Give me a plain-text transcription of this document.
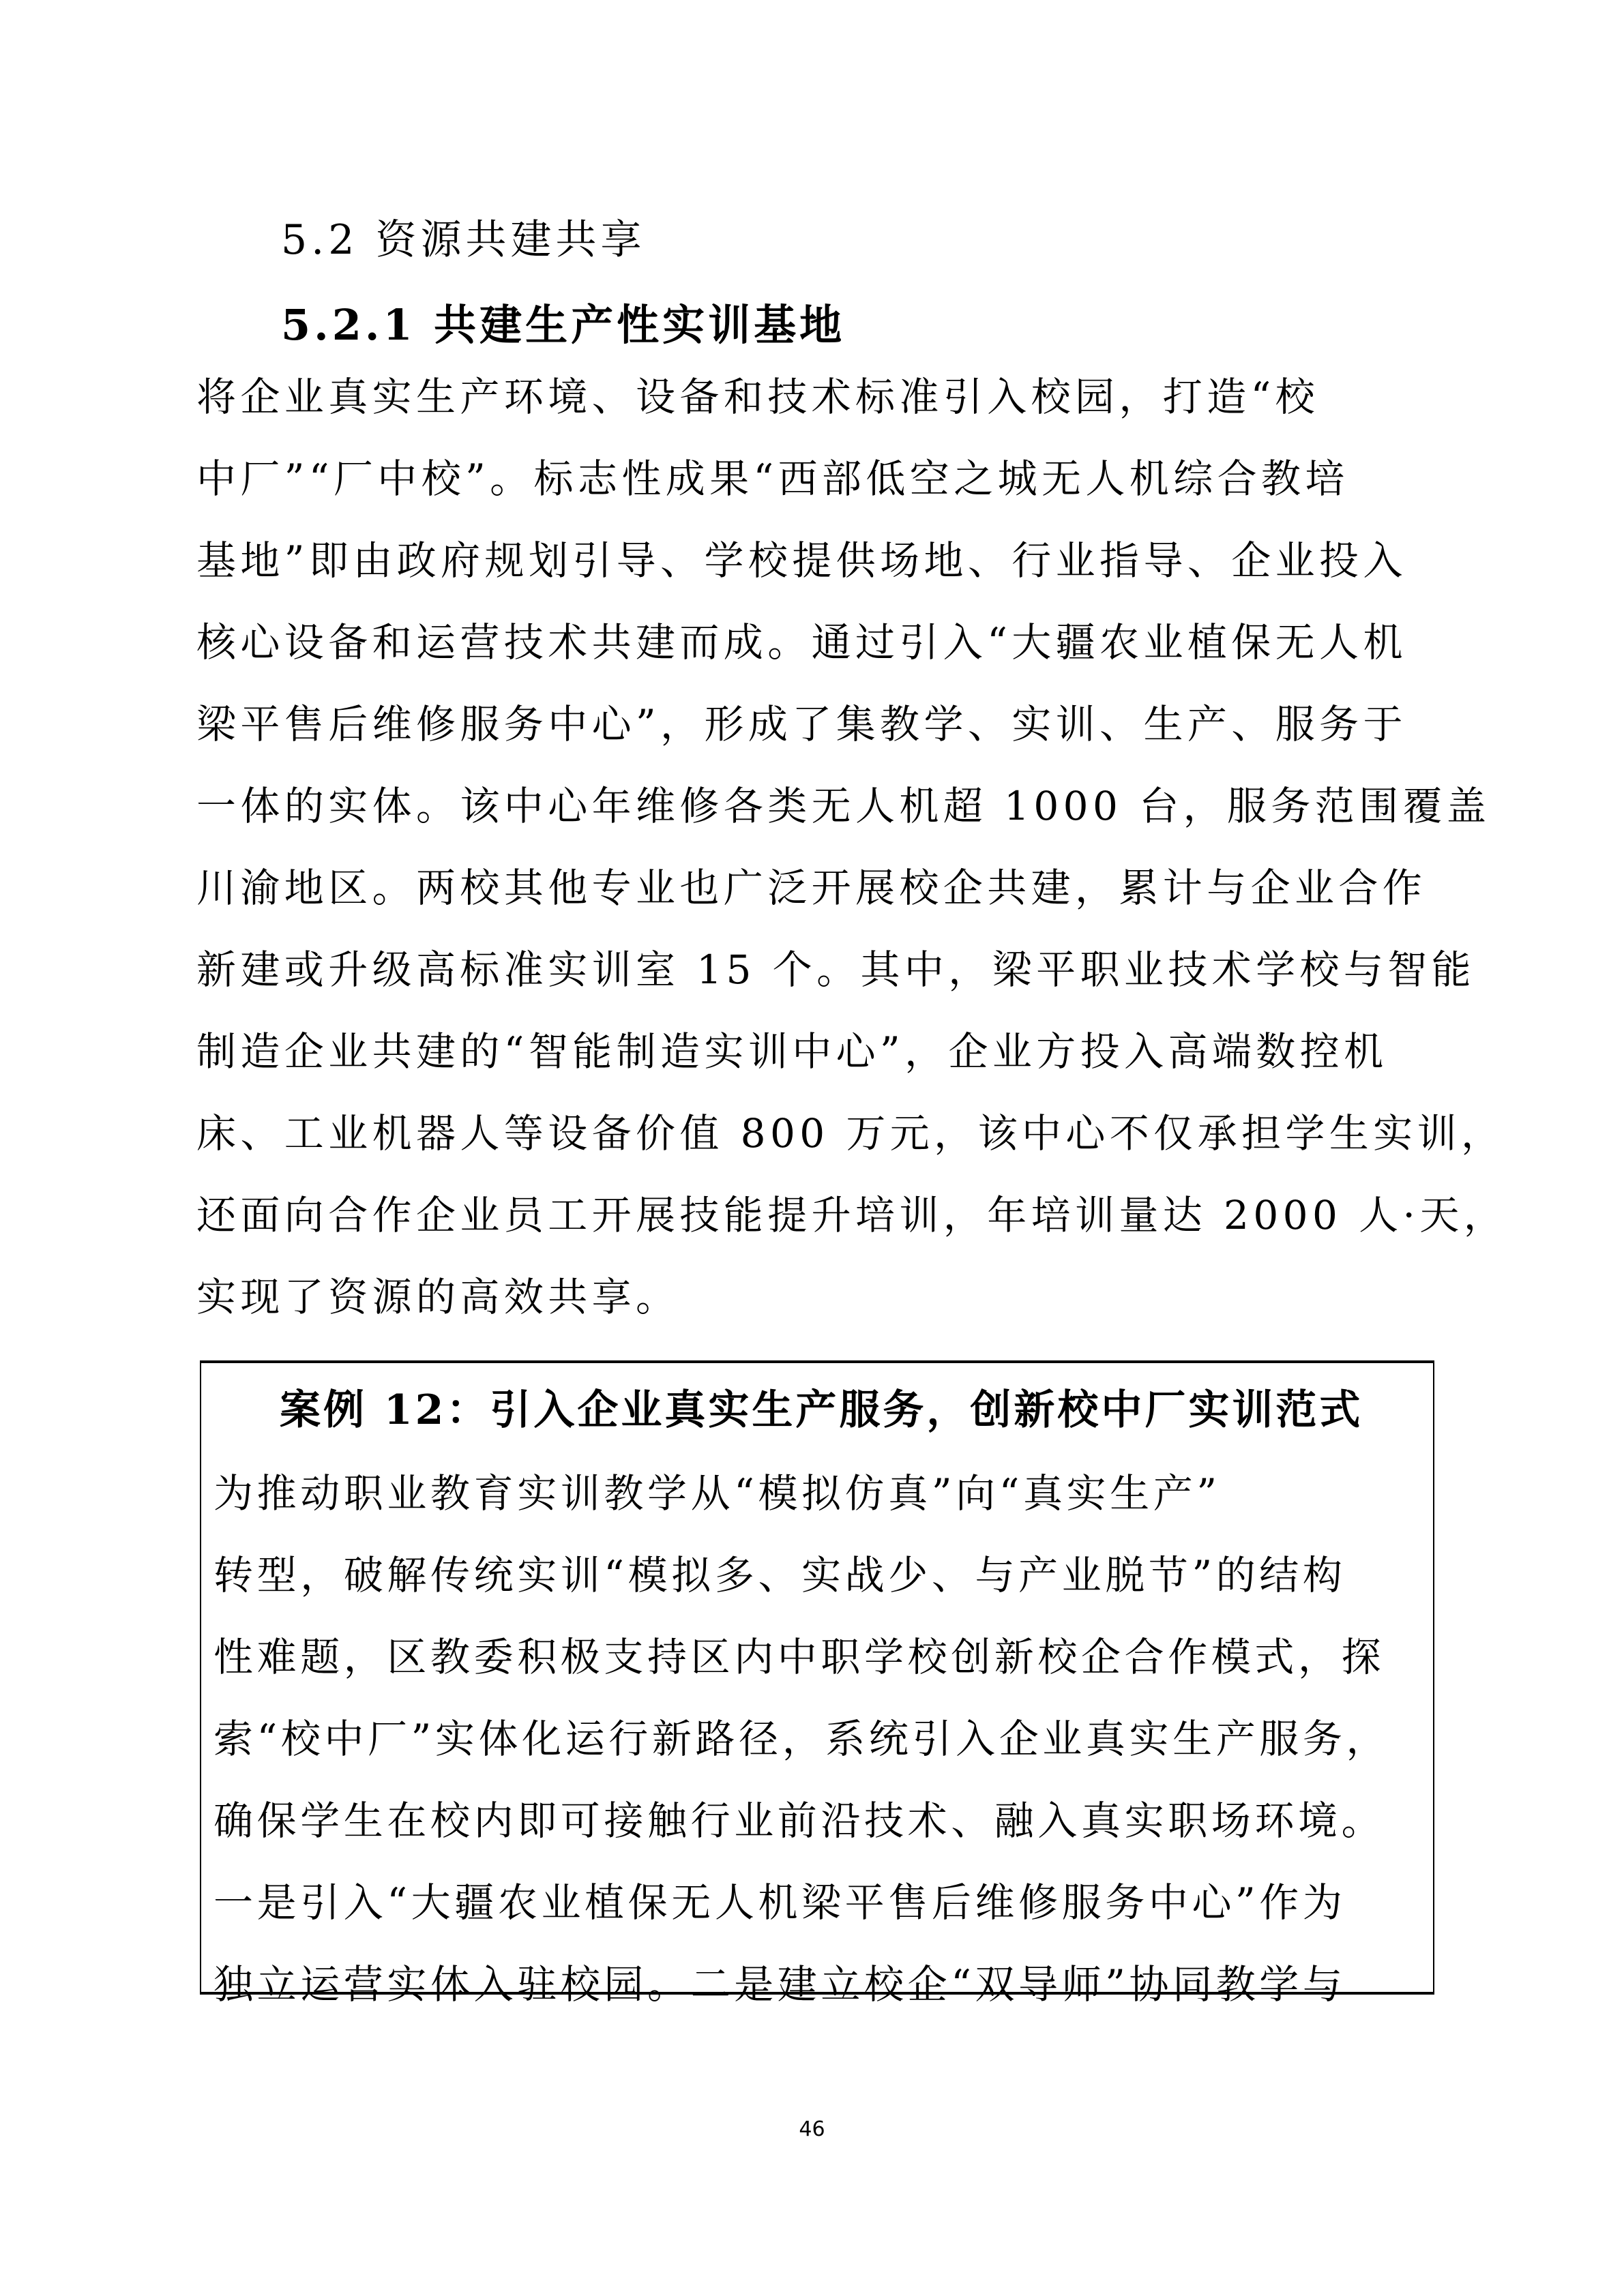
5.2 资源共建共享
5.2.1 共建生产性实训基地
将企业真实生产环境、设备和技术标准引入校园，打造“校
中厂”“厂中校”。标志性成果“西部低空之城无人机综合教培
基地”即由政府规划引导、学校提供场地、行业指导、企业投入
核心设备和运营技术共建而成。通过引入“大疆农业植保无人机
梁平售后维修服务中心”，形成了集教学、实训、生产、服务于
一体的实体。该中心年维修各类无人机超 1000 台，服务范围覆盖
川渝地区。两校其他专业也广泛开展校企共建，累计与企业合作
新建或升级高标准实训室 15 个。其中，梁平职业技术学校与智能
制造企业共建的“智能制造实训中心”，企业方投入高端数控机
床、工业机器人等设备价值 800 万元，该中心不仅承担学生实训，
还面向合作企业员工开展技能提升培训，年培训量达 2000 人·天，
实现了资源的高效共享。
案例 12：引入企业真实生产服务，创新校中厂实训范式
为推动职业教育实训教学从“模拟仿真”向“真实生产”
转型，破解传统实训“模拟多、实战少、与产业脱节”的结构
性难题，区教委积极支持区内中职学校创新校企合作模式，探
索“校中厂”实体化运行新路径，系统引入企业真实生产服务，
确保学生在校内即可接触行业前沿技术、融入真实职场环境。
一是引入“大疆农业植保无人机梁平售后维修服务中心”作为
独立运营实体入驻校园。二是建立校企“双导师”协同教学与
46
